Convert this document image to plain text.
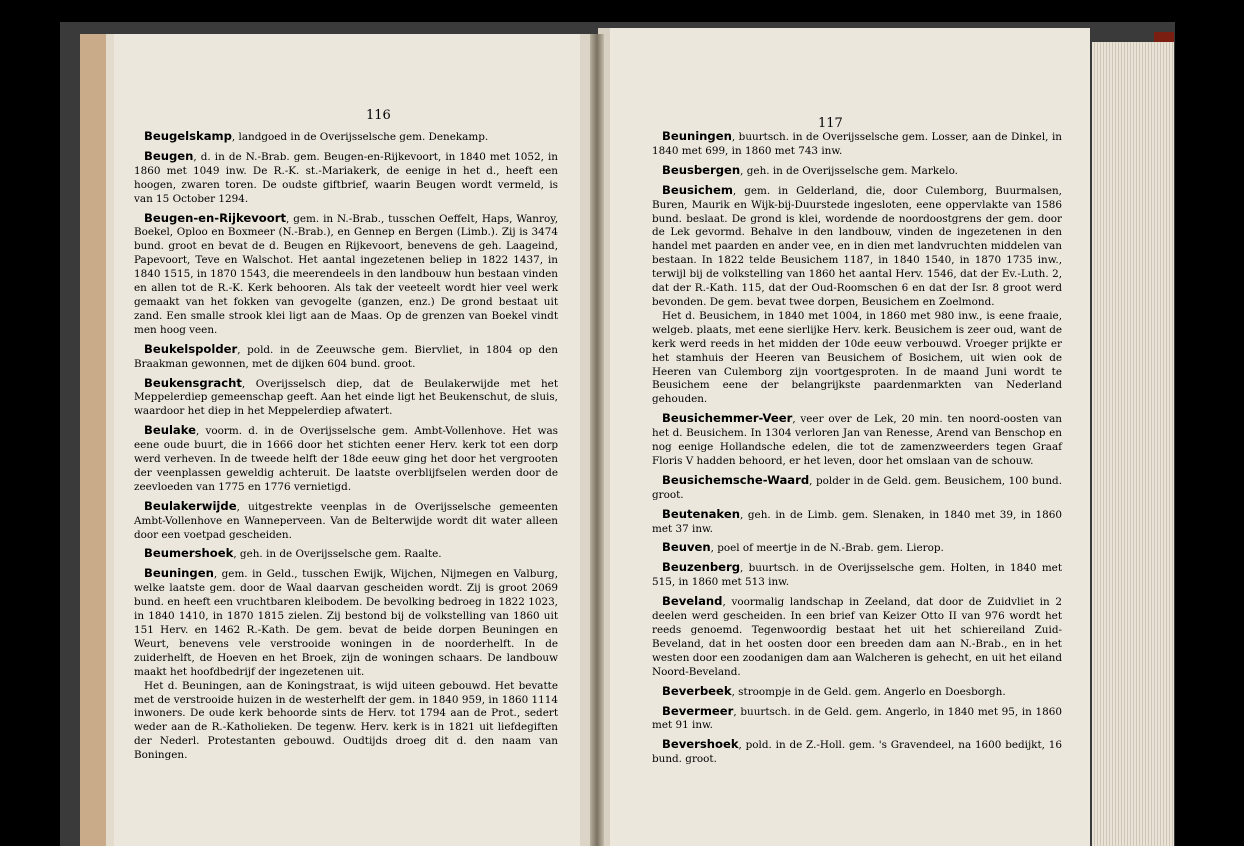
116
117

Beugelskamp, landgoed in de Overijsselsche gem. Denekamp.

Beugen, d. in de N.-Brab. gem. Beugen-en-Rijkevoort, in 1840 met 1052, in 1860 met 1049 inw. De R.-K. st.-Mariakerk, de eenige in het d., heeft een hoogen, zwaren toren. De oudste giftbrief, waarin Beugen wordt vermeld, is van 15 October 1294.

Beugen-en-Rijkevoort, gem. in N.-Brab., tusschen Oeffelt, Haps, Wanroy, Boekel, Oploo en Boxmeer (N.-Brab.), en Gennep en Bergen (Limb.). Zij is 3474 bund. groot en bevat de d. Beugen en Rijkevoort, benevens de geh. Laageind, Papevoort, Teve en Walschot. Het aantal ingezetenen beliep in 1822 1437, in 1840 1515, in 1870 1543, die meerendeels in den landbouw hun bestaan vinden en allen tot de R.-K. Kerk behooren. Als tak der veeteelt wordt hier veel werk gemaakt van het fokken van gevogelte (ganzen, enz.) De grond bestaat uit zand. Een smalle strook klei ligt aan de Maas. Op de grenzen van Boekel vindt men hoog veen.

Beukelspolder, pold. in de Zeeuwsche gem. Biervliet, in 1804 op den Braakman gewonnen, met de dijken 604 bund. groot.

Beukensgracht, Overijsselsch diep, dat de Beulakerwijde met het Meppelerdiep gemeenschap geeft. Aan het einde ligt het Beukenschut, de sluis, waardoor het diep in het Meppelerdiep afwatert.

Beulake, voorm. d. in de Overijsselsche gem. Ambt-Vollenhove. Het was eene oude buurt, die in 1666 door het stichten eener Herv. kerk tot een dorp werd verheven. In de tweede helft der 18de eeuw ging het door het vergrooten der veenplassen geweldig achteruit. De laatste overblijfselen werden door de zeevloeden van 1775 en 1776 vernietigd.

Beulakerwijde, uitgestrekte veenplas in de Overijsselsche gemeenten Ambt-Vollenhove en Wanneperveen. Van de Belterwijde wordt dit water alleen door een voetpad gescheiden.

Beumershoek, geh. in de Overijsselsche gem. Raalte.

Beuningen, gem. in Geld., tusschen Ewijk, Wijchen, Nijmegen en Valburg, welke laatste gem. door de Waal daarvan gescheiden wordt. Zij is groot 2069 bund. en heeft een vruchtbaren kleibodem. De bevolking bedroeg in 1822 1023, in 1840 1410, in 1870 1815 zielen. Zij bestond bij de volkstelling van 1860 uit 151 Herv. en 1462 R.-Kath. De gem. bevat de beide dorpen Beuningen en Weurt, benevens vele verstrooide woningen in de noorderhelft. In de zuiderhelft, de Hoeven en het Broek, zijn de woningen schaars. De landbouw maakt het hoofdbedrijf der ingezetenen uit.
Het d. Beuningen, aan de Koningstraat, is wijd uiteen gebouwd. Het bevatte met de verstrooide huizen in de westerhelft der gem. in 1840 959, in 1860 1114 inwoners. De oude kerk behoorde sints de Herv. tot 1794 aan de Prot., sedert weder aan de R.-Katholieken. De tegenw. Herv. kerk is in 1821 uit liefdegiften der Nederl. Protestanten gebouwd. Oudtijds droeg dit d. den naam van Boningen.

Beuningen, buurtsch. in de Overijsselsche gem. Losser, aan de Dinkel, in 1840 met 699, in 1860 met 743 inw.

Beusbergen, geh. in de Overijsselsche gem. Markelo.

Beusichem, gem. in Gelderland, die, door Culemborg, Buurmalsen, Buren, Maurik en Wijk-bij-Duurstede ingesloten, eene oppervlakte van 1586 bund. beslaat. De grond is klei, wordende de noordoostgrens der gem. door de Lek gevormd. Behalve in den landbouw, vinden de ingezetenen in den handel met paarden en ander vee, en in dien met landvruchten middelen van bestaan. In 1822 telde Beusichem 1187, in 1840 1540, in 1870 1735 inw., terwijl bij de volkstelling van 1860 het aantal Herv. 1546, dat der Ev.-Luth. 2, dat der R.-Kath. 115, dat der Oud-Roomschen 6 en dat der Isr. 8 groot werd bevonden. De gem. bevat twee dorpen, Beusichem en Zoelmond.
Het d. Beusichem, in 1840 met 1004, in 1860 met 980 inw., is eene fraaie, welgeb. plaats, met eene sierlijke Herv. kerk. Beusichem is zeer oud, want de kerk werd reeds in het midden der 10de eeuw verbouwd. Vroeger prijkte er het stamhuis der Heeren van Beusichem of Bosichem, uit wien ook de Heeren van Culemborg zijn voortgesproten. In de maand Juni wordt te Beusichem eene der belangrijkste paardenmarkten van Nederland gehouden.

Beusichemmer-Veer, veer over de Lek, 20 min. ten noord-oosten van het d. Beusichem. In 1304 verloren Jan van Renesse, Arend van Benschop en nog eenige Hollandsche edelen, die tot de zamenzweerders tegen Graaf Floris V hadden behoord, er het leven, door het omslaan van de schouw.

Beusichemsche-Waard, polder in de Geld. gem. Beusichem, 100 bund. groot.

Beutenaken, geh. in de Limb. gem. Slenaken, in 1840 met 39, in 1860 met 37 inw.

Beuven, poel of meertje in de N.-Brab. gem. Lierop.

Beuzenberg, buurtsch. in de Overijsselsche gem. Holten, in 1840 met 515, in 1860 met 513 inw.

Beveland, voormalig landschap in Zeeland, dat door de Zuidvliet in 2 deelen werd gescheiden. In een brief van Keizer Otto II van 976 wordt het reeds genoemd. Tegenwoordig bestaat het uit het schiereiland Zuid-Beveland, dat in het oosten door een breeden dam aan N.-Brab., en in het westen door een zoodanigen dam aan Walcheren is gehecht, en uit het eiland Noord-Beveland.

Beverbeek, stroompje in de Geld. gem. Angerlo en Doesborgh.

Bevermeer, buurtsch. in de Geld. gem. Angerlo, in 1840 met 95, in 1860 met 91 inw.

Bevershoek, pold. in de Z.-Holl. gem. 's Gravendeel, na 1600 bedijkt, 16 bund. groot.
